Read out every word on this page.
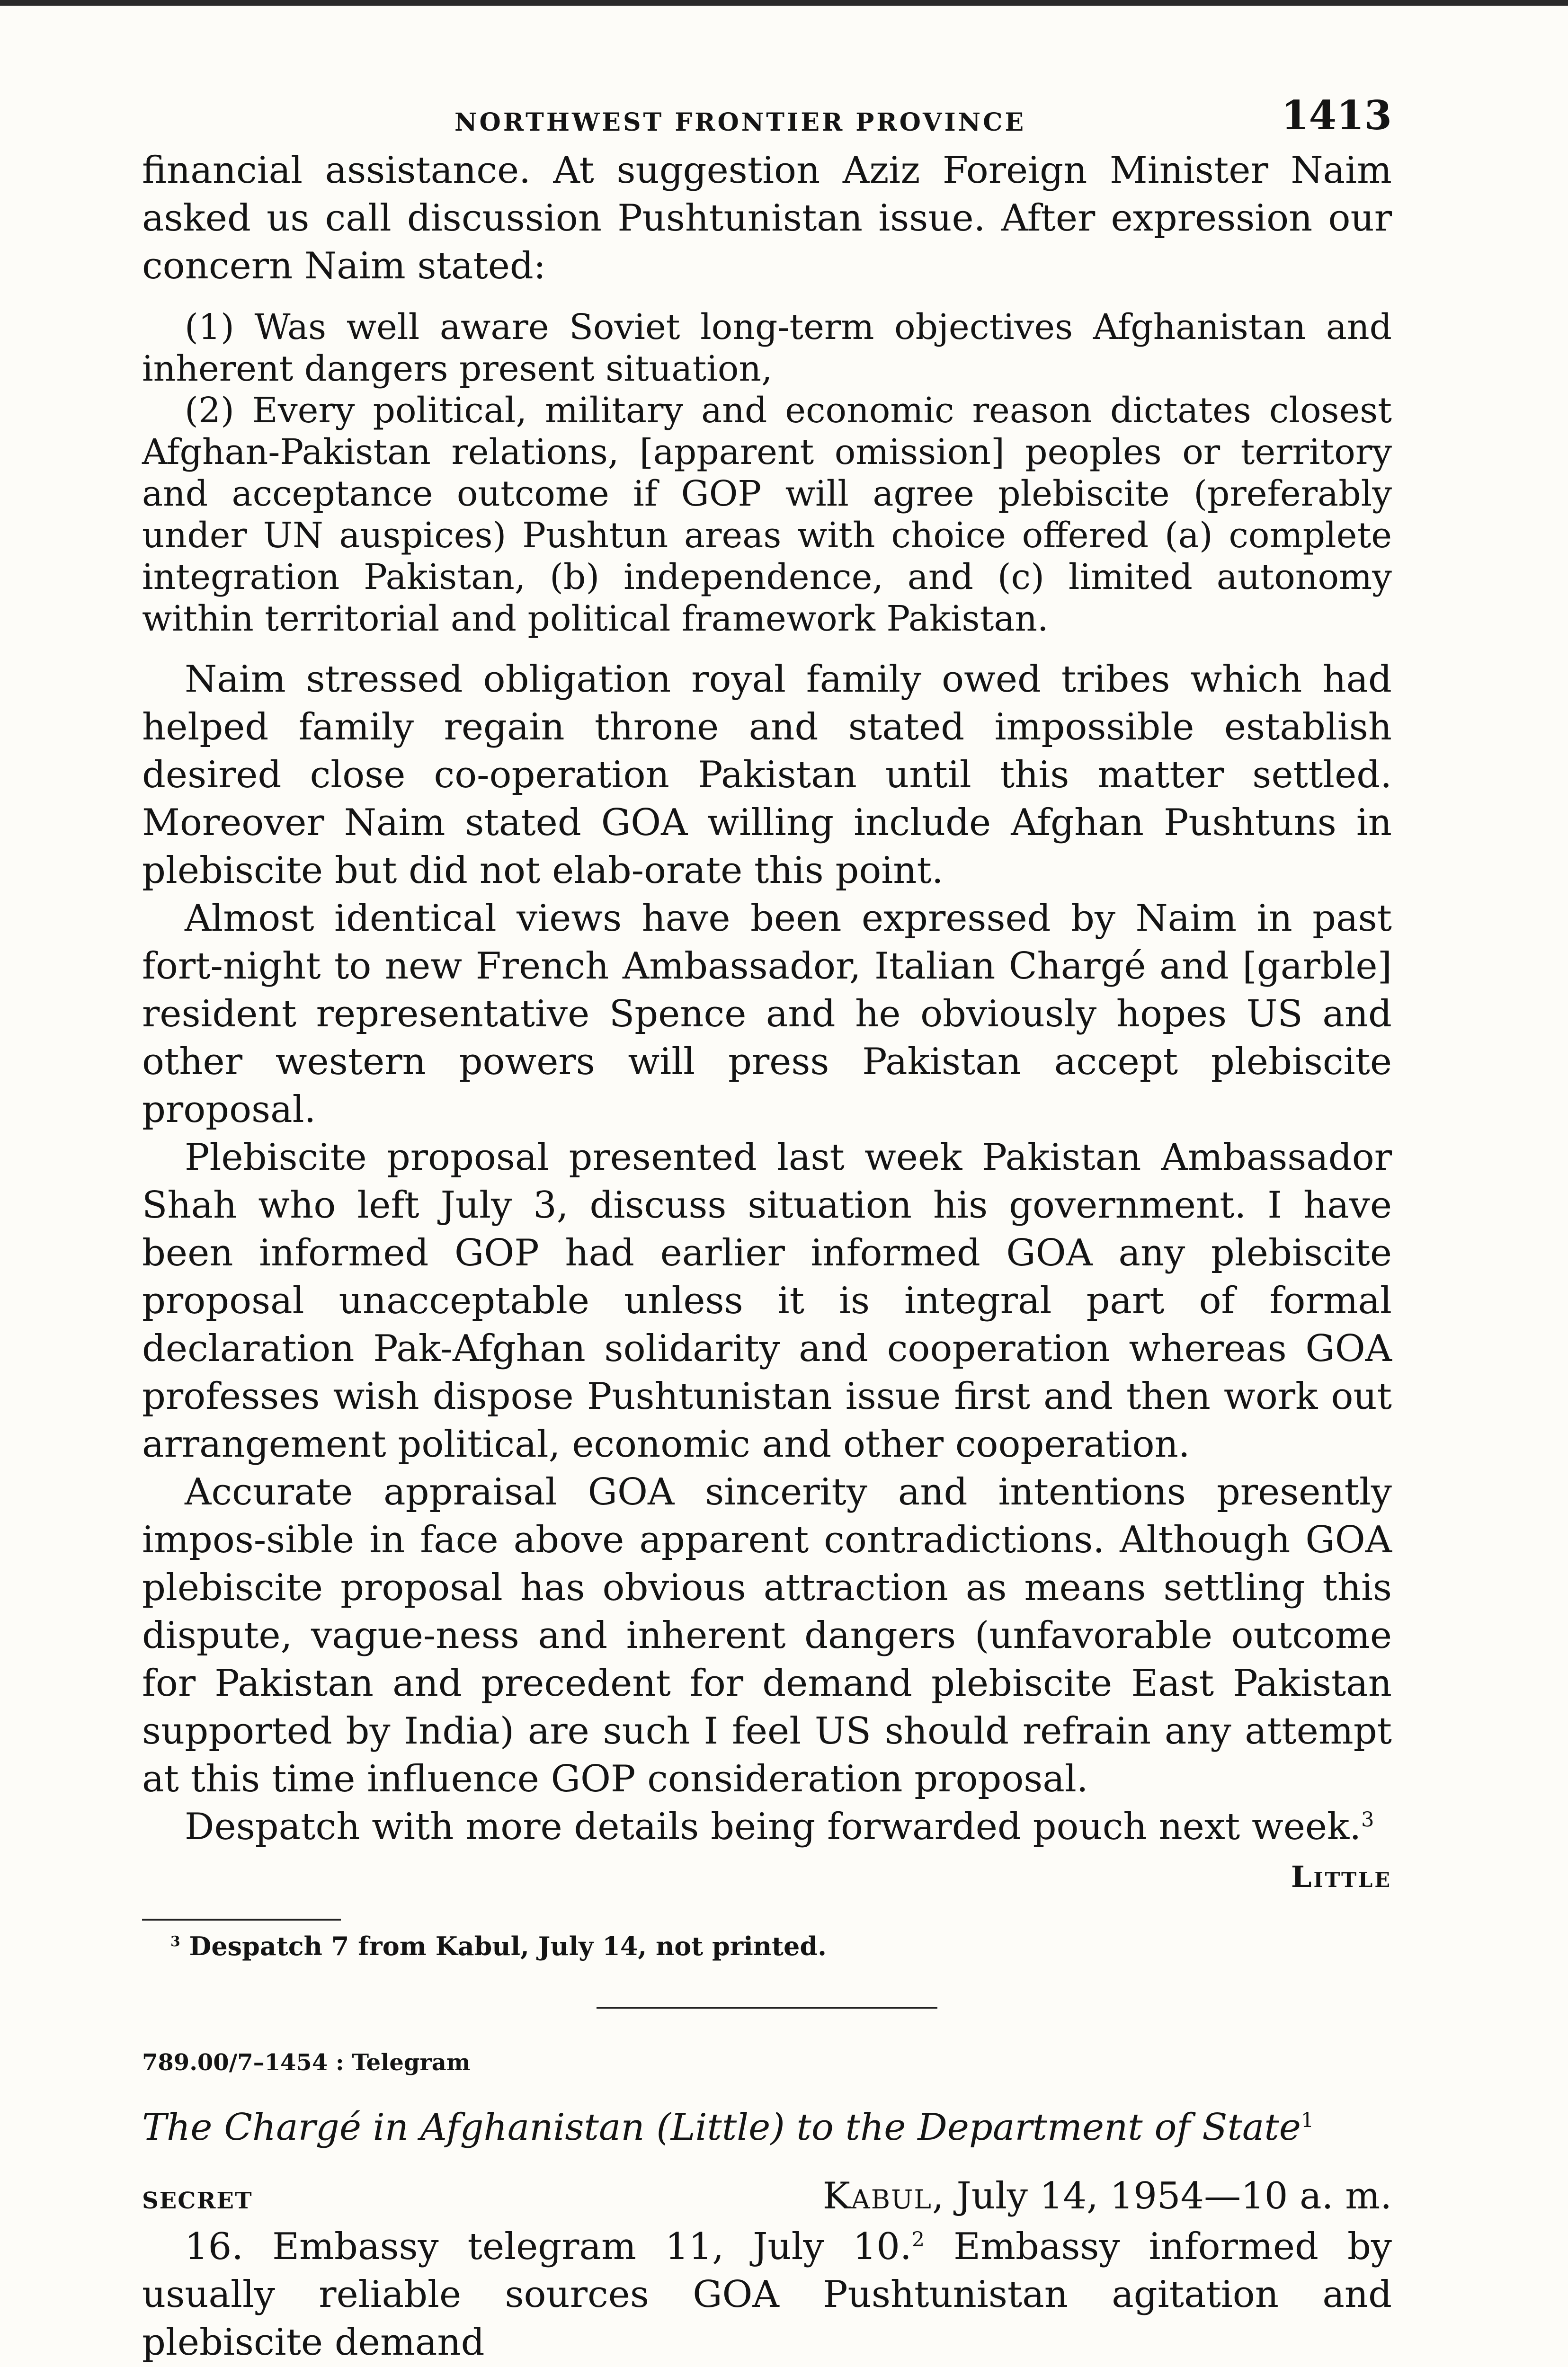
NORTHWEST FRONTIER PROVINCE	1413

financial assistance. At suggestion Aziz Foreign Minister Naim asked us call discussion Pushtunistan issue. After expression our concern Naim stated:

(1) Was well aware Soviet long-term objectives Afghanistan and inherent dangers present situation,

(2) Every political, military and economic reason dictates closest Afghan-Pakistan relations, [apparent omission] peoples or territory and acceptance outcome if GOP will agree plebiscite (preferably under UN auspices) Pushtun areas with choice offered (a) complete integration Pakistan, (b) independence, and (c) limited autonomy within territorial and political framework Pakistan.

Naim stressed obligation royal family owed tribes which had helped family regain throne and stated impossible establish desired close co-operation Pakistan until this matter settled. Moreover Naim stated GOA willing include Afghan Pushtuns in plebiscite but did not elab-orate this point.

Almost identical views have been expressed by Naim in past fort-night to new French Ambassador, Italian Chargé and [garble] resident representative Spence and he obviously hopes US and other western powers will press Pakistan accept plebiscite proposal.

Plebiscite proposal presented last week Pakistan Ambassador Shah who left July 3, discuss situation his government. I have been informed GOP had earlier informed GOA any plebiscite proposal unacceptable unless it is integral part of formal declaration Pak-Afghan solidarity and cooperation whereas GOA professes wish dispose Pushtunistan issue first and then work out arrangement political, economic and other cooperation.

Accurate appraisal GOA sincerity and intentions presently impos-sible in face above apparent contradictions. Although GOA plebiscite proposal has obvious attraction as means settling this dispute, vague-ness and inherent dangers (unfavorable outcome for Pakistan and precedent for demand plebiscite East Pakistan supported by India) are such I feel US should refrain any attempt at this time influence GOP consideration proposal.

Despatch with more details being forwarded pouch next week.$^3$

Little

$^3$ Despatch 7 from Kabul, July 14, not printed.

789.00/7–1454 : Telegram

The Chargé in Afghanistan (Little) to the Department of State$^1$
SECRET	Kabul, July 14, 1954—10 a. m.

16. Embassy telegram 11, July 10.$^2$ Embassy informed by usually reliable sources GOA Pushtunistan agitation and plebiscite demand
